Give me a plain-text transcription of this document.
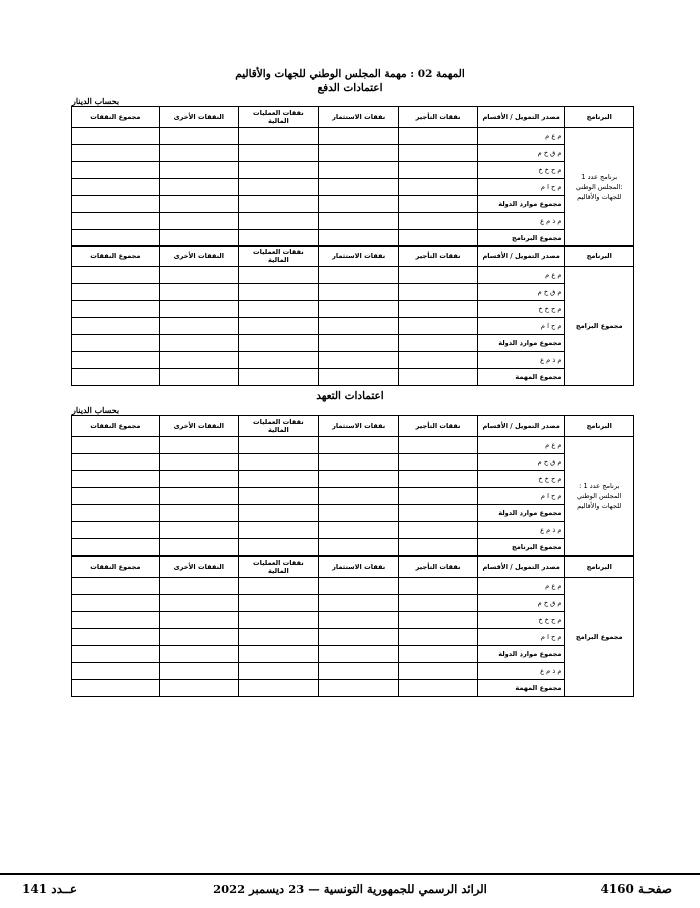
المهمة 02 : مهمة المجلس الوطني للجهات والأقاليم
اعتمادات الدفع
بحساب الدينار
البرنامج	مصدر التمويل / الأقسام	نفقات التأجير	نفقات الاستثمار	نفقات العمليات المالية	النفقات الأخرى	مجموع النفقات
برنامج عدد 1 :المجلس الوطني للجهات والأقاليم	م ع م					
	م ق خ م					
	م ح خ خ					
	م ح ا م					
	مجموع موارد الدولة					
	م ذ م ع					
	مجموع البرنامج					
البرنامج	مصدر التمويل / الأقسام	نفقات التأجير	نفقات الاستثمار	نفقات العمليات المالية	النفقات الأخرى	مجموع النفقات
مجموع البرامج	م ع م					
	م ق خ م					
	م ح خ خ					
	م ح ا م					
	مجموع موارد الدولة					
	م ذ م ع					
	مجموع المهمة					
اعتمادات التعهد
بحساب الدينار
البرنامج	مصدر التمويل / الأقسام	نفقات التأجير	نفقات الاستثمار	نفقات العمليات المالية	النفقات الأخرى	مجموع النفقات
برنامج عدد 1 : المجلس الوطني للجهات والأقاليم	م ع م					
	م ق خ م					
	م ح خ خ					
	م ح ا م					
	مجموع موارد الدولة					
	م ذ م ع					
	مجموع البرنامج					
البرنامج	مصدر التمويل / الأقسام	نفقات التأجير	نفقات الاستثمار	نفقات العمليات المالية	النفقات الأخرى	مجموع النفقات
مجموع البرامج	م ع م					
	م ق خ م					
	م ح خ خ					
	م ح ا م					
	مجموع موارد الدولة					
	م ذ م ع					
	مجموع المهمة					
صفحـة 4160
الرائد الرسمي للجمهورية التونسية — 23 ديسمبر 2022
عــدد 141
